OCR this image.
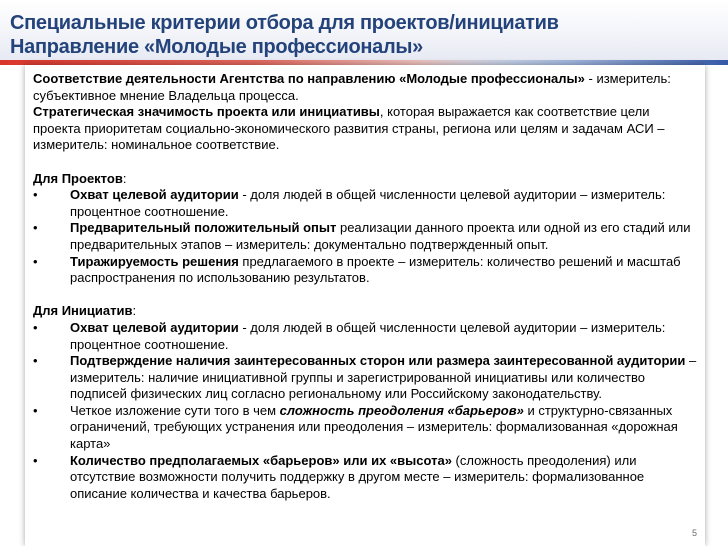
Специальные критерии отбора для проектов/инициатив
Направление «Молодые профессионалы»

Соответствие деятельности Агентства по направлению «Молодые профессионалы» - измеритель: субъективное мнение Владельца процесса.

Стратегическая значимость проекта или инициативы, которая выражается как соответствие цели проекта приоритетам социально-экономического развития страны, региона или целям и задачам АСИ – измеритель: номинальное соответствие.

Для Проектов:

• Охват целевой аудитории - доля людей в общей численности целевой аудитории – измеритель: процентное соотношение.
• Предварительный положительный опыт реализации данного проекта или одной из его стадий или предварительных этапов – измеритель: документально подтвержденный опыт.
• Тиражируемость решения предлагаемого в проекте – измеритель: количество решений и масштаб распространения по использованию результатов.

Для Инициатив:

• Охват целевой аудитории - доля людей в общей численности целевой аудитории – измеритель: процентное соотношение.
• Подтверждение наличия заинтересованных сторон или размера заинтересованной аудитории – измеритель: наличие инициативной группы и зарегистрированной инициативы или количество подписей физических лиц согласно региональному или Российскому законодательству.
• Четкое изложение сути того в чем сложность преодоления «барьеров» и структурно-связанных ограничений, требующих устранения или преодоления – измеритель: формализованная «дорожная карта»
• Количество предполагаемых «барьеров» или их «высота» (сложность преодоления) или отсутствие возможности получить поддержку в другом месте – измеритель: формализованное описание количества и качества барьеров.
5
